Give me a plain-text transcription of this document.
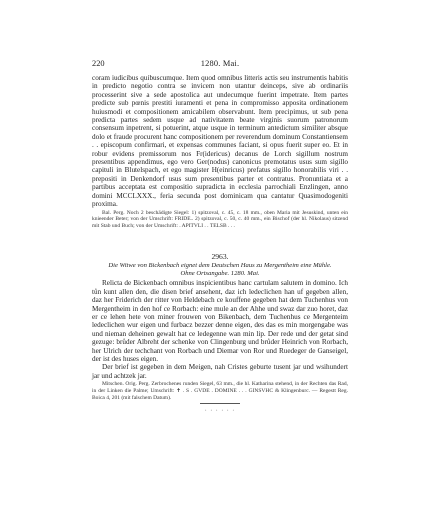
220	1280. Mai.

coram iudicibus quibuscumque. Item quod omnibus litteris actis seu instrumentis habitis in predicto negotio contra se invicem non utantur deinceps, sive ab ordinariis processerint sive a sede apostolica aut undecumque fuerint impetrate. Item partes predicte sub pœnis prestiti iuramenti et pena in compromisso apposita ordinationem huiusmodi et compositionem amicabilem observabunt. Item precipimus, ut sub pena predicta partes sedem usque ad nativitatem beate virginis suorum patronorum consensum inpetrent, si potuerint, atque usque in terminum antedictum similiter absque dolo et fraude procurent hanc compositionem per reverendum dominum Constantiensem . . episcopum confirmari, et expensas communes faciant, si opus fuerit super eo. Et in robur evidens premissorum nos Fr(idericus) decanus de Lorch sigillum nostrum presentibus appendimus, ego vero Ger(nodus) canonicus premotatus usus sum sigillo capituli in Blutelspach, et ego magister H(einricus) prefatus sigillo honorabilis viri . . prepositi in Denkendorf usus sum presentibus parter et contratus. Pronuntiata et a partibus acceptata est compositio supradicta in ecclesia parrochiali Enzlingen, anno domini MCCLXXX., feria secunda post dominicam qua cantatur Quasimodogeniti proxima.

Bal. Perg. Noch 2 beschädigte Siegel: 1) spitzoval, c. 45, c. 18 mm., oben Maria mit Jesuskind, unten ein knieender Beter; von der Umschrift: FRIDE.. 2) spitzoval, c. 50, c. 40 mm., ein Bischof (der hl. Nikolaus) sitzend mit Stab und Buch; von der Umschrift: . APITVLI . . TELSB . . .

2963.

Die Witwe von Bickenbach eignet dem Deutschen Haus zu Mergentheim eine Mühle.

Ohne Ortsangabe. 1280. Mai.

Relicta de Bickenbach omnibus inspicientibus hanc cartulam salutem in domino. Ich tůn kunt allen den, die disen brief ansehent, daz ich ledeclichen han uf gegeben allen, daz her Friderich der ritter von Heldebach ce kouffene gegeben hat dem Tuchenhus von Mergentheim in den hof ce Rorbach: eine mule an der Ahhe und swaz dar zuo horet, daz er ce lehen hete von miner frouwen von Bikenbach, dem Tuchenhus ce Mergenteim ledeclichen wur eigen und furbacz bezzer denne eigen, des das es min morgengabe was und nieman deheinen gewalt hat ce ledegenne wan min lip. Der rede und der getat sind gezuge: brůder Albreht der schenke von Clingenburg und brůder Heinrich von Rorbach, her Ulrich der techchant von Rorbach und Diemar von Ror und Ruedeger de Ganseigel, der ist des huses eigen.

Der brief ist gegeben in dem Meigen, nah Cristes geburte tusent jar und wsihundert jar und achtzek jar.

Mitschen. Orig. Perg. Zerbrochenes runden Siegel, 63 mm., die hl. Katharina stehend, in der Rechten das Rad, in der Linken die Palme; Umschrift: ✝ . S . GVDE . DOMINE . . . GINSVHC & Klingenburc. — Regestt Reg. Boica 4, 201 (mit falschem Datum).

· · · · · ·
